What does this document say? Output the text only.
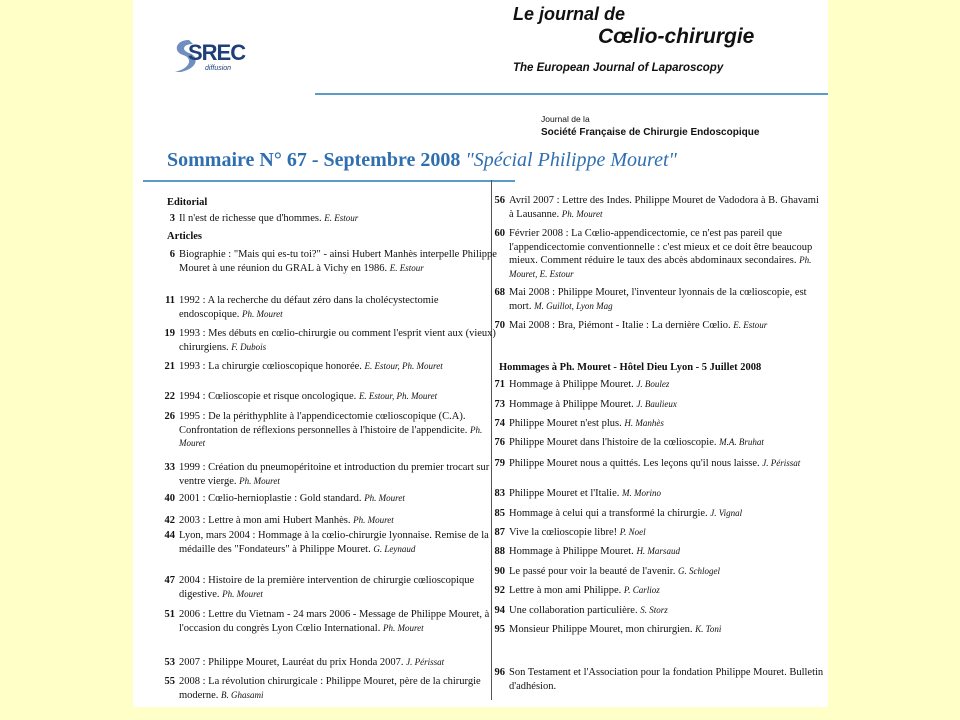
SREC
diffusion
Le journal de
Cœlio-chirurgie
The European Journal of Laparoscopy
Journal de la
Société Française de Chirurgie Endoscopique
Sommaire N° 67 - Septembre 2008 "Spécial Philippe Mouret"
Editorial
Articles
3 Il n'est de richesse que d'hommes. E. Estour
6 Biographie : "Mais qui es-tu toi?" - ainsi Hubert Manhès interpelle Philippe Mouret à une réunion du GRAL à Vichy en 1986. E. Estour
11 1992 : A la recherche du défaut zéro dans la cholécystectomie endoscopique. Ph. Mouret
19 1993 : Mes débuts en cœlio-chirurgie ou comment l'esprit vient aux (vieux) chirurgiens. F. Dubois
21 1993 : La chirurgie cœlioscopique honorée. E. Estour, Ph. Mouret
22 1994 : Cœlioscopie et risque oncologique. E. Estour, Ph. Mouret
26 1995 : De la périthyphlite à l'appendicectomie cœlioscopique (C.A). Confrontation de réflexions personnelles à l'histoire de l'appendicite. Ph. Mouret
33 1999 : Création du pneumopéritoine et introduction du premier trocart sur ventre vierge. Ph. Mouret
40 2001 : Cœlio-hernioplastie : Gold standard. Ph. Mouret
42 2003 : Lettre à mon ami Hubert Manhès. Ph. Mouret
44 Lyon, mars 2004 : Hommage à la cœlio-chirurgie lyonnaise. Remise de la médaille des "Fondateurs" à Philippe Mouret. G. Leynaud
47 2004 : Histoire de la première intervention de chirurgie cœlioscopique digestive. Ph. Mouret
51 2006 : Lettre du Vietnam - 24 mars 2006 - Message de Philippe Mouret, à l'occasion du congrès Lyon Cœlio International. Ph. Mouret
53 2007 : Philippe Mouret, Lauréat du prix Honda 2007. J. Périssat
55 2008 : La révolution chirurgicale : Philippe Mouret, père de la chirurgie moderne. B. Ghasami
56 Avril 2007 : Lettre des Indes. Philippe Mouret de Vadodora à B. Ghavami à Lausanne. Ph. Mouret
60 Février 2008 : La Cœlio-appendicectomie, ce n'est pas pareil que l'appendicectomie conventionnelle : c'est mieux et ce doit être beaucoup mieux. Comment réduire le taux des abcès abdominaux secondaires. Ph. Mouret, E. Estour
68 Mai 2008 : Philippe Mouret, l'inventeur lyonnais de la cœlioscopie, est mort. M. Guillot, Lyon Mag
70 Mai 2008 : Bra, Piémont - Italie : La dernière Cœlio. E. Estour
Hommages à Ph. Mouret - Hôtel Dieu Lyon - 5 Juillet 2008
71 Hommage à Philippe Mouret. J. Boulez
73 Hommage à Philippe Mouret. J. Baulieux
74 Philippe Mouret n'est plus. H. Manhès
76 Philippe Mouret dans l'histoire de la cœlioscopie. M.A. Bruhat
79 Philippe Mouret nous a quittés. Les leçons qu'il nous laisse. J. Périssat
83 Philippe Mouret et l'Italie. M. Morino
85 Hommage à celui qui a transformé la chirurgie. J. Vignal
87 Vive la cœlioscopie libre! P. Noel
88 Hommage à Philippe Mouret. H. Marsaud
90 Le passé pour voir la beauté de l'avenir. G. Schlogel
92 Lettre à mon ami Philippe. P. Carlioz
94 Une collaboration particulière. S. Storz
95 Monsieur Philippe Mouret, mon chirurgien. K. Toni
96 Son Testament et l'Association pour la fondation Philippe Mouret. Bulletin d'adhésion.
